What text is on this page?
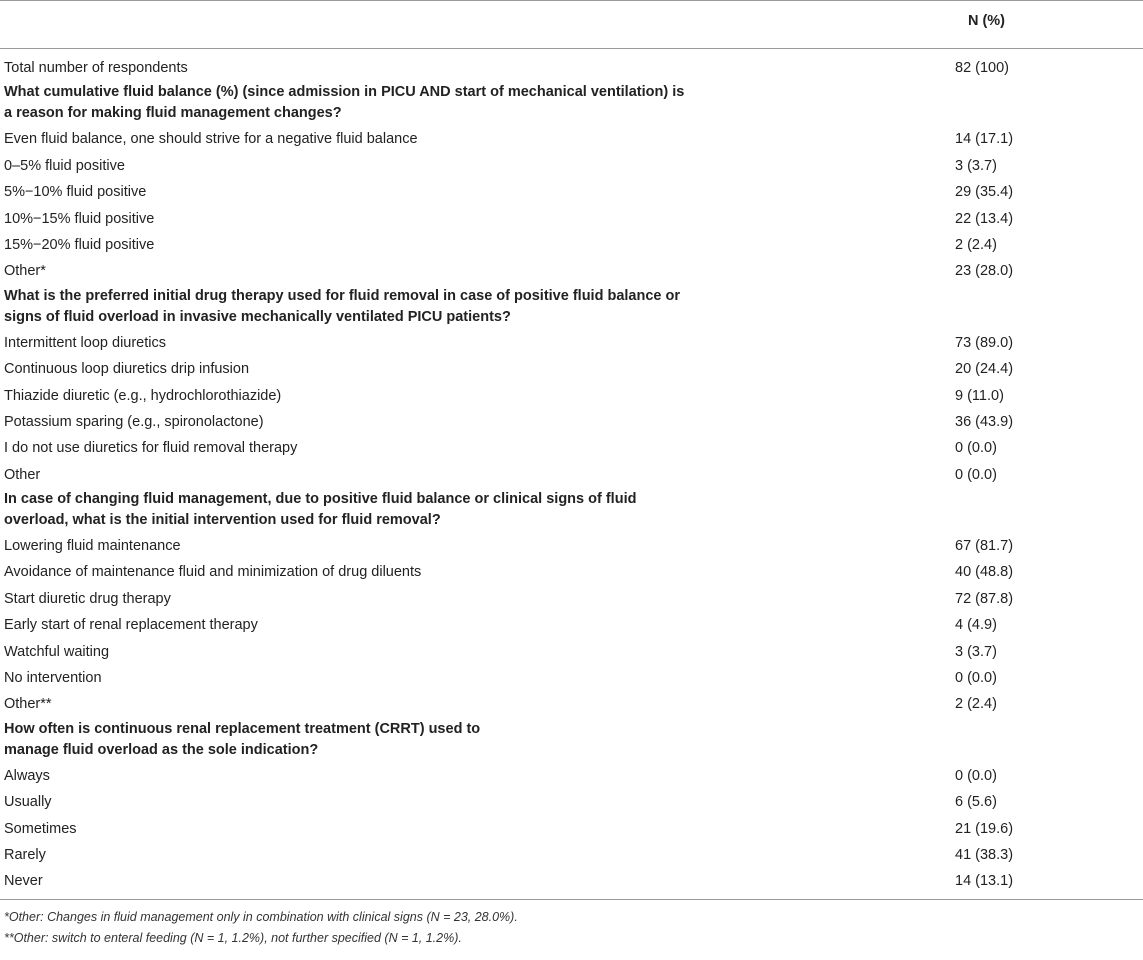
N (%)
Total number of respondents	82 (100)
What cumulative fluid balance (%) (since admission in PICU AND start of mechanical ventilation) is
a reason for making fluid management changes?
Even fluid balance, one should strive for a negative fluid balance	14 (17.1)
0–5% fluid positive	3 (3.7)
5%−10% fluid positive	29 (35.4)
10%−15% fluid positive	22 (13.4)
15%−20% fluid positive	2 (2.4)
Other*	23 (28.0)
What is the preferred initial drug therapy used for fluid removal in case of positive fluid balance or
signs of fluid overload in invasive mechanically ventilated PICU patients?
Intermittent loop diuretics	73 (89.0)
Continuous loop diuretics drip infusion	20 (24.4)
Thiazide diuretic (e.g., hydrochlorothiazide)	9 (11.0)
Potassium sparing (e.g., spironolactone)	36 (43.9)
I do not use diuretics for fluid removal therapy	0 (0.0)
Other	0 (0.0)
In case of changing fluid management, due to positive fluid balance or clinical signs of fluid
overload, what is the initial intervention used for fluid removal?
Lowering fluid maintenance	67 (81.7)
Avoidance of maintenance fluid and minimization of drug diluents	40 (48.8)
Start diuretic drug therapy	72 (87.8)
Early start of renal replacement therapy	4 (4.9)
Watchful waiting	3 (3.7)
No intervention	0 (0.0)
Other**	2 (2.4)
How often is continuous renal replacement treatment (CRRT) used to
manage fluid overload as the sole indication?
Always	0 (0.0)
Usually	6 (5.6)
Sometimes	21 (19.6)
Rarely	41 (38.3)
Never	14 (13.1)
*Other: Changes in fluid management only in combination with clinical signs (N = 23, 28.0%).
**Other: switch to enteral feeding (N = 1, 1.2%), not further specified (N = 1, 1.2%).
